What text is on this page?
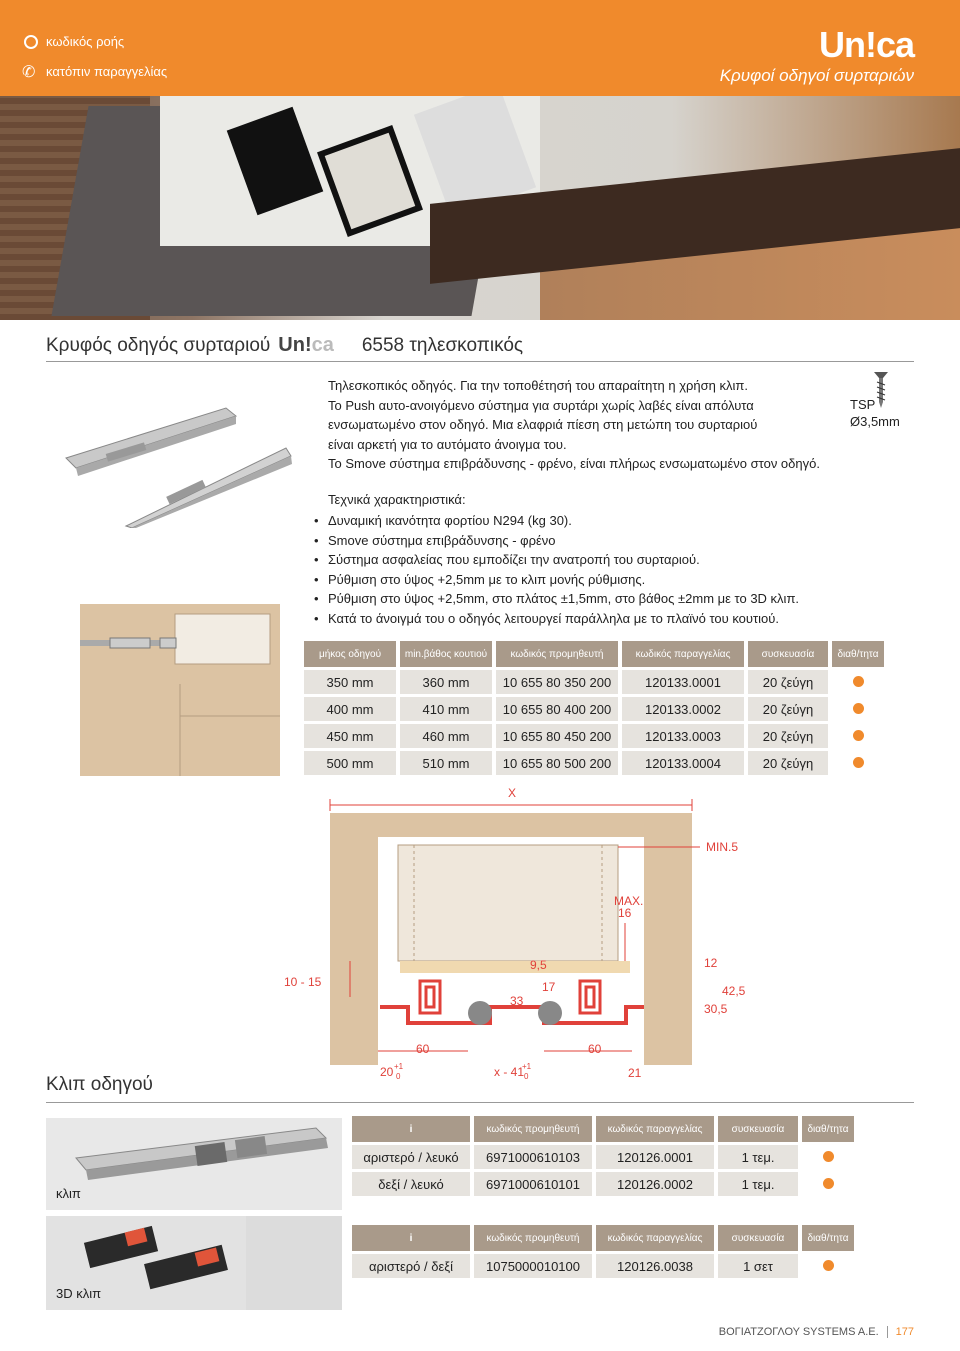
κωδικός ροής
✆ κατόπιν παραγγελίας
Un!ca
Κρυφοί οδηγοί συρταριών
Κρυφός οδηγός συρταριού Un!ca 6558 τηλεσκοπικός
Τηλεσκοπικός οδηγός. Για την τοποθέτησή του απαραίτητη η χρήση κλιπ.
Το Push αυτο-ανοιγόμενο σύστημα για συρτάρι χωρίς λαβές είναι απόλυτα
ενσωματωμένο στον οδηγό. Μια ελαφριά πίεση στη μετώπη του συρταριού
είναι αρκετή για το αυτόματο άνοιγμα του.
Το Smove σύστημα επιβράδυνσης - φρένο, είναι πλήρως ενσωματωμένο στον οδηγό.
TSP
Ø3,5mm
Τεχνικά χαρακτηριστικά:
• Δυναμική ικανότητα φορτίου N294 (kg 30).
• Smove σύστημα επιβράδυνσης - φρένο
• Σύστημα ασφαλείας που εμποδίζει την ανατροπή του συρταριού.
• Ρύθμιση στο ύψος +2,5mm με το κλιπ μονής ρύθμισης.
• Ρύθμιση στο ύψος +2,5mm, στο πλάτος ±1,5mm, στο βάθος ±2mm με το 3D κλιπ.
• Κατά το άνοιγμά του ο οδηγός λειτουργεί παράλληλα με το πλαϊνό του κουτιού.
μήκος οδηγού	min.βάθος κουτιού	κωδικός προμηθευτή	κωδικός παραγγελίας	συσκευασία	διαθ/τητα
350 mm	360 mm	10 655 80 350 200	120133.0001	20 ζεύγη	
400 mm	410 mm	10 655 80 400 200	120133.0002	20 ζεύγη	
450 mm	460 mm	10 655 80 450 200	120133.0003	20 ζεύγη	
500 mm	510 mm	10 655 80 500 200	120133.0004	20 ζεύγη	
X
MIN.5
MAX.
16
10 - 15
9,5	12
17
33
42,5
30,5
60	60
20 +1
0	x - 41
+1
0	21
Κλιπ οδηγού
κλιπ
i	κωδικός προμηθευτή	κωδικός παραγγελίας	συσκευασία	διαθ/τητα
αριστερό / λευκό	6971000610103	120126.0001	1 τεμ.	
δεξί / λευκό	6971000610101	120126.0002	1 τεμ.	
3D κλιπ
i	κωδικός προμηθευτή	κωδικός παραγγελίας	συσκευασία	διαθ/τητα
αριστερό / δεξί	1075000010100	120126.0038	1 σετ	
ΒΟΓΙΑΤΖΟΓΛΟΥ SYSTEMS A.E.	177
